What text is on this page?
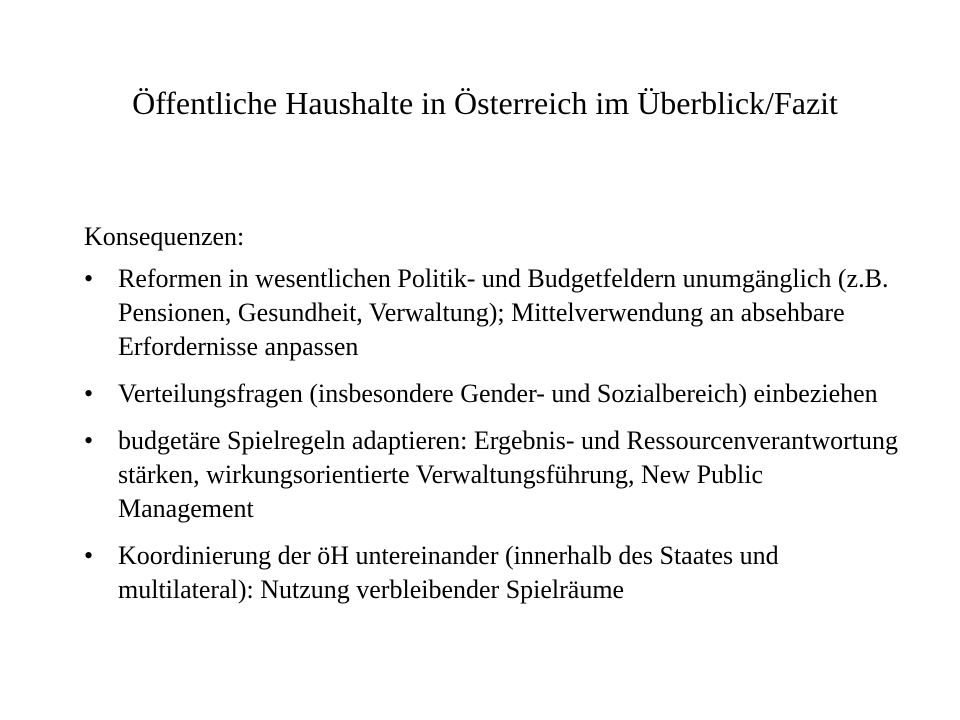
Öffentliche Haushalte in Österreich im Überblick/Fazit
Konsequenzen:
• Reformen in wesentlichen Politik- und Budgetfeldern unumgänglich (z.B. Pensionen, Gesundheit, Verwaltung); Mittelverwendung an absehbare Erfordernisse anpassen
• Verteilungsfragen (insbesondere Gender- und Sozialbereich) einbeziehen
• budgetäre Spielregeln adaptieren: Ergebnis- und Ressourcenverantwortung stärken, wirkungsorientierte Verwaltungsführung, New Public Management
• Koordinierung der öH untereinander (innerhalb des Staates und multilateral): Nutzung verbleibender Spielräume
